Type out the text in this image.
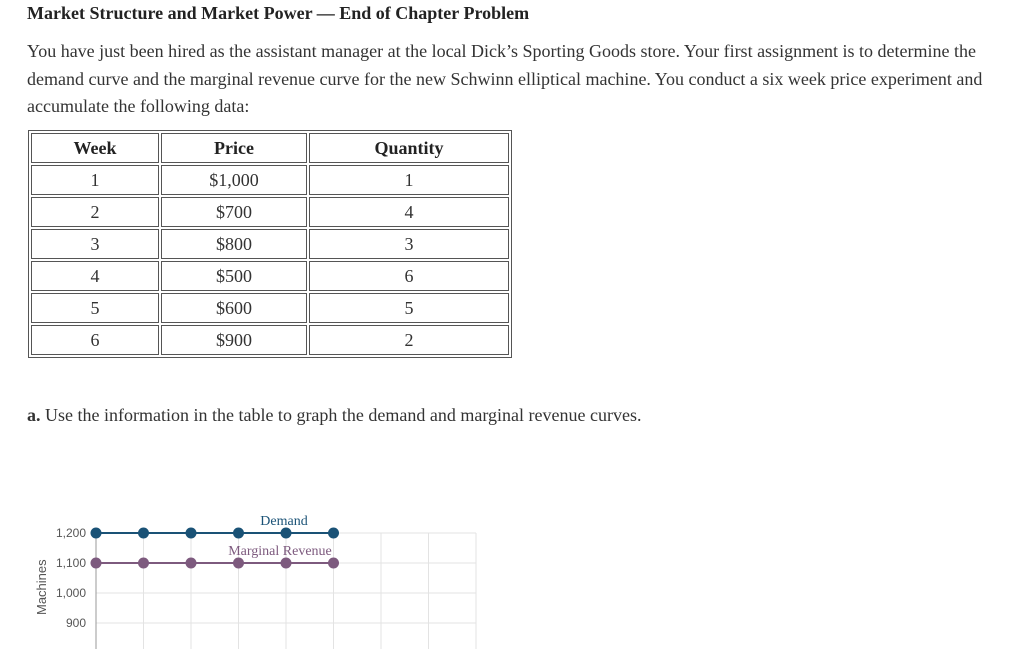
Market Structure and Market Power — End of Chapter Problem
You have just been hired as the assistant manager at the local Dick’s Sporting Goods store. Your first assignment is to determine the demand curve and the marginal revenue curve for the new Schwinn elliptical machine. You conduct a six week price experiment and accumulate the following data:
Week	Price	Quantity
1	$1,000	1
2	$700	4
3	$800	3
4	$500	6
5	$600	5
6	$900	2
a. Use the information in the table to graph the demand and marginal revenue curves.
1,200
1,100
1,000
900
Demand
Marginal Revenue
Machines
